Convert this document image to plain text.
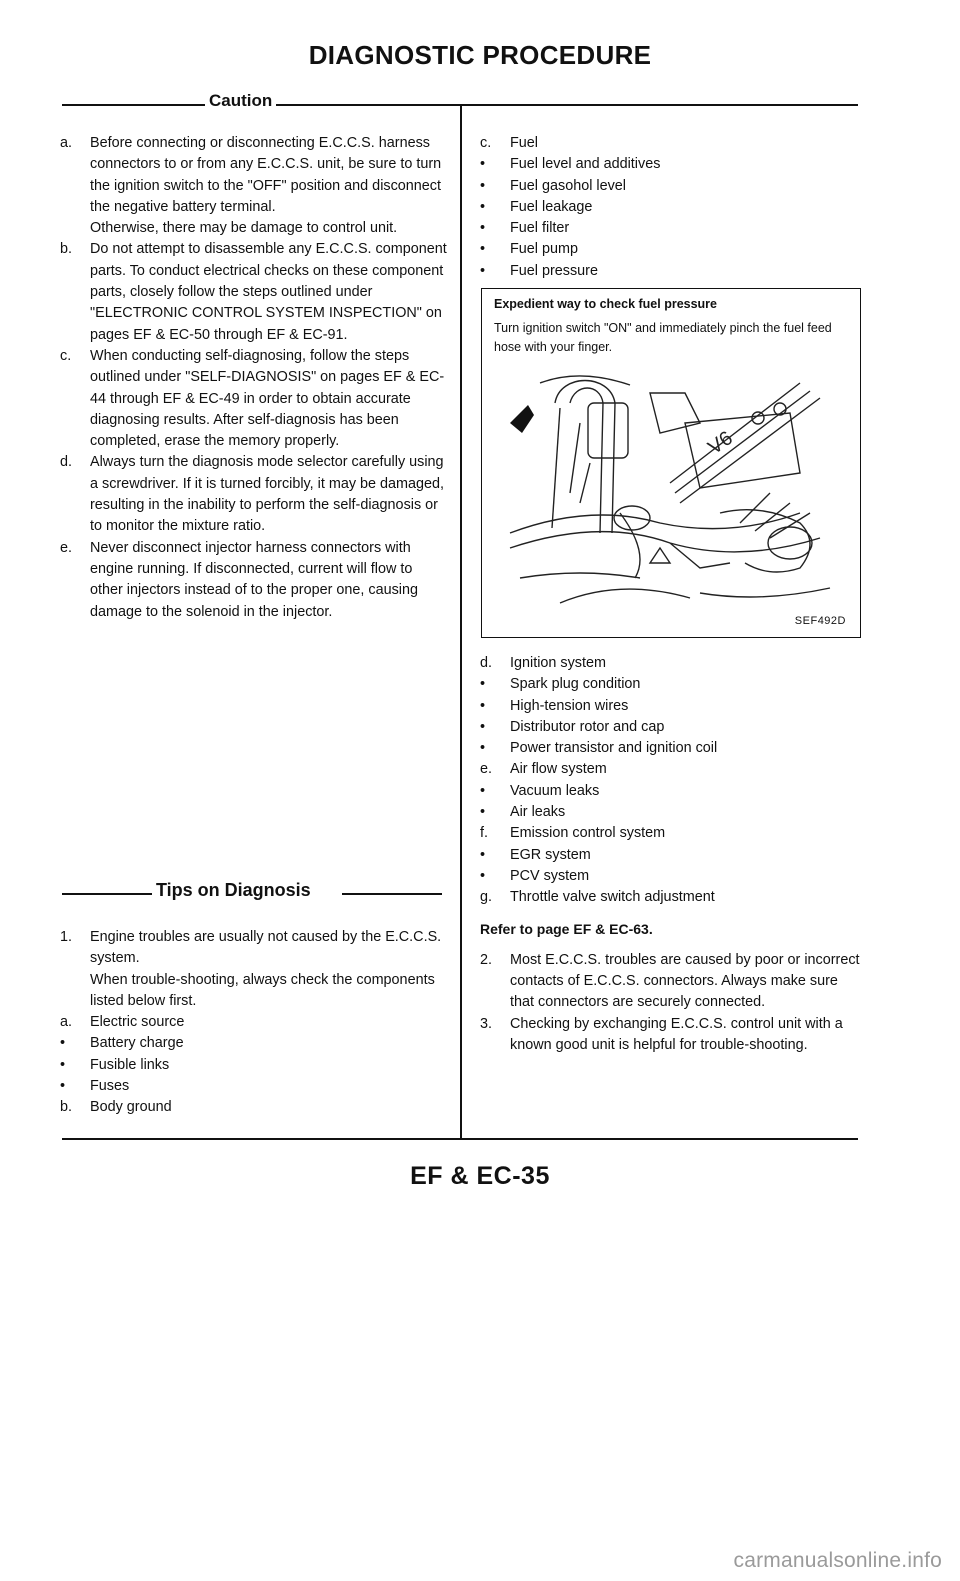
DIAGNOSTIC PROCEDURE
Caution
a.	Before connecting or disconnecting E.C.C.S. harness connectors to or from any E.C.C.S. unit, be sure to turn the ignition switch to the "OFF" position and disconnect the negative battery terminal.

Otherwise, there may be damage to control unit.

b.	Do not attempt to disassemble any E.C.C.S. component parts. To conduct electrical checks on these component parts, closely follow the steps outlined under "ELECTRONIC CONTROL SYSTEM INSPECTION" on pages EF & EC-50 through EF & EC-91.

c.	When conducting self-diagnosing, follow the steps outlined under "SELF-DIAGNOSIS" on pages EF & EC-44 through EF & EC-49 in order to obtain accurate diagnosing results. After self-diagnosis has been completed, erase the memory properly.

d.	Always turn the diagnosis mode selector carefully using a screwdriver. If it is turned forcibly, it may be damaged, resulting in the inability to perform the self-diagnosis or to monitor the mixture ratio.

e.	Never disconnect injector harness connectors with engine running. If disconnected, current will flow to other injectors instead of to the proper one, causing damage to the solenoid in the injector.

Tips on Diagnosis
1.	Engine troubles are usually not caused by the E.C.C.S. system.

When trouble-shooting, always check the components listed below first.

a.	Electric source
•	Battery charge
•	Fusible links
•	Fuses
b.	Body ground
c.	Fuel
•	Fuel level and additives
•	Fuel gasohol level
•	Fuel leakage
•	Fuel filter
•	Fuel pump
•	Fuel pressure
Expedient way to check fuel pressure
Turn ignition switch "ON" and immediately pinch the fuel feed hose with your finger.
V6
SEF492D
d.	Ignition system
•	Spark plug condition
•	High-tension wires
•	Distributor rotor and cap
•	Power transistor and ignition coil
e.	Air flow system
•	Vacuum leaks
•	Air leaks
f.	Emission control system
•	EGR system
•	PCV system
g.	Throttle valve switch adjustment
Refer to page EF & EC-63.
2.	Most E.C.C.S. troubles are caused by poor or incorrect contacts of E.C.C.S. connectors. Always make sure that connectors are securely connected.

3.	Checking by exchanging E.C.C.S. control unit with a known good unit is helpful for trouble-shooting.

EF & EC-35
carmanualsonline.info
